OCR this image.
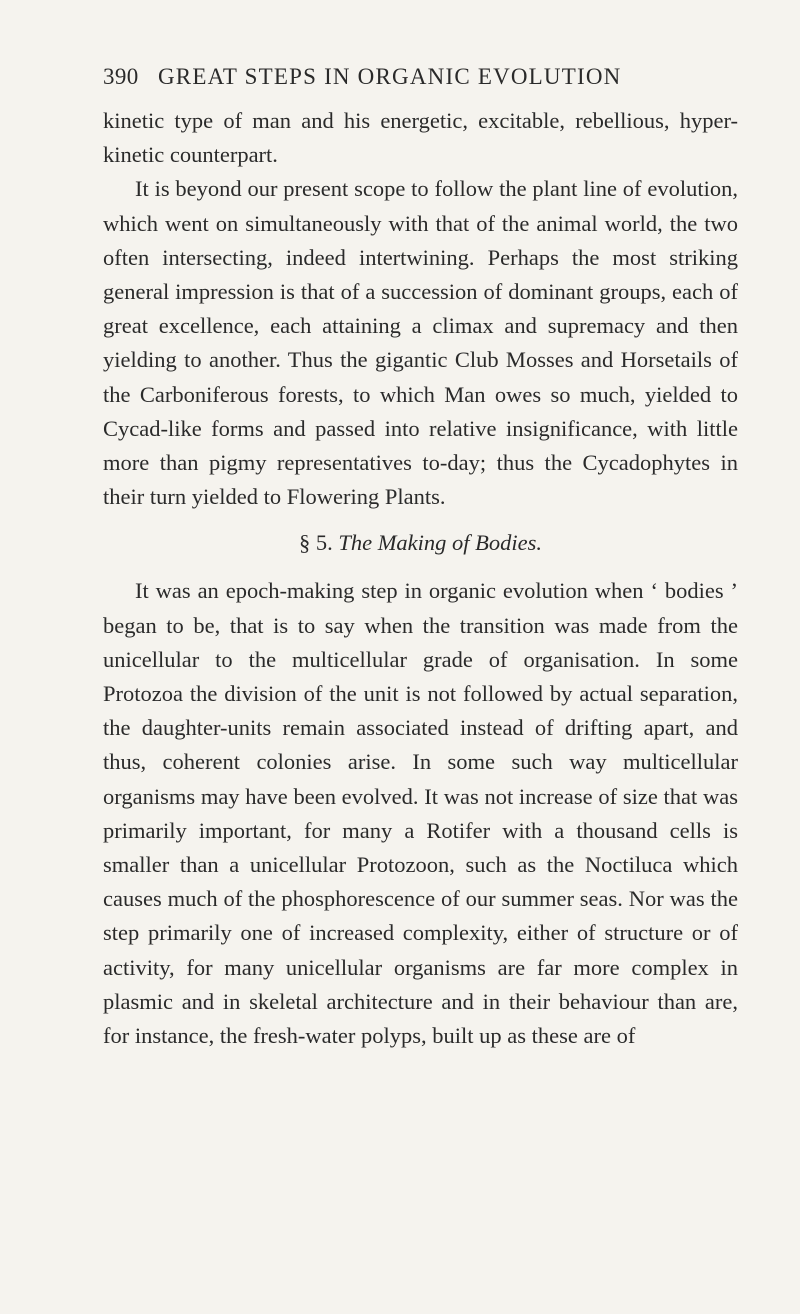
390 GREAT STEPS IN ORGANIC EVOLUTION

kinetic type of man and his energetic, excitable, rebellious, hyper-kinetic counterpart.

It is beyond our present scope to follow the plant line of evolution, which went on simultaneously with that of the animal world, the two often intersecting, indeed intertwining. Perhaps the most striking general impression is that of a succession of dominant groups, each of great excellence, each attaining a climax and supremacy and then yielding to another. Thus the gigantic Club Mosses and Horsetails of the Carboniferous forests, to which Man owes so much, yielded to Cycad-like forms and passed into relative insignificance, with little more than pigmy representatives to-day; thus the Cycadophytes in their turn yielded to Flowering Plants.

§ 5. The Making of Bodies.

It was an epoch-making step in organic evolution when ‘ bodies ’ began to be, that is to say when the transition was made from the unicellular to the multicellular grade of organisation. In some Protozoa the division of the unit is not followed by actual separation, the daughter-units remain associated instead of drifting apart, and thus, coherent colonies arise. In some such way multicellular organisms may have been evolved. It was not increase of size that was primarily important, for many a Rotifer with a thousand cells is smaller than a unicellular Protozoon, such as the Noctiluca which causes much of the phosphorescence of our summer seas. Nor was the step primarily one of increased complexity, either of structure or of activity, for many unicellular organisms are far more complex in plasmic and in skeletal architecture and in their behaviour than are, for instance, the fresh-water polyps, built up as these are of
